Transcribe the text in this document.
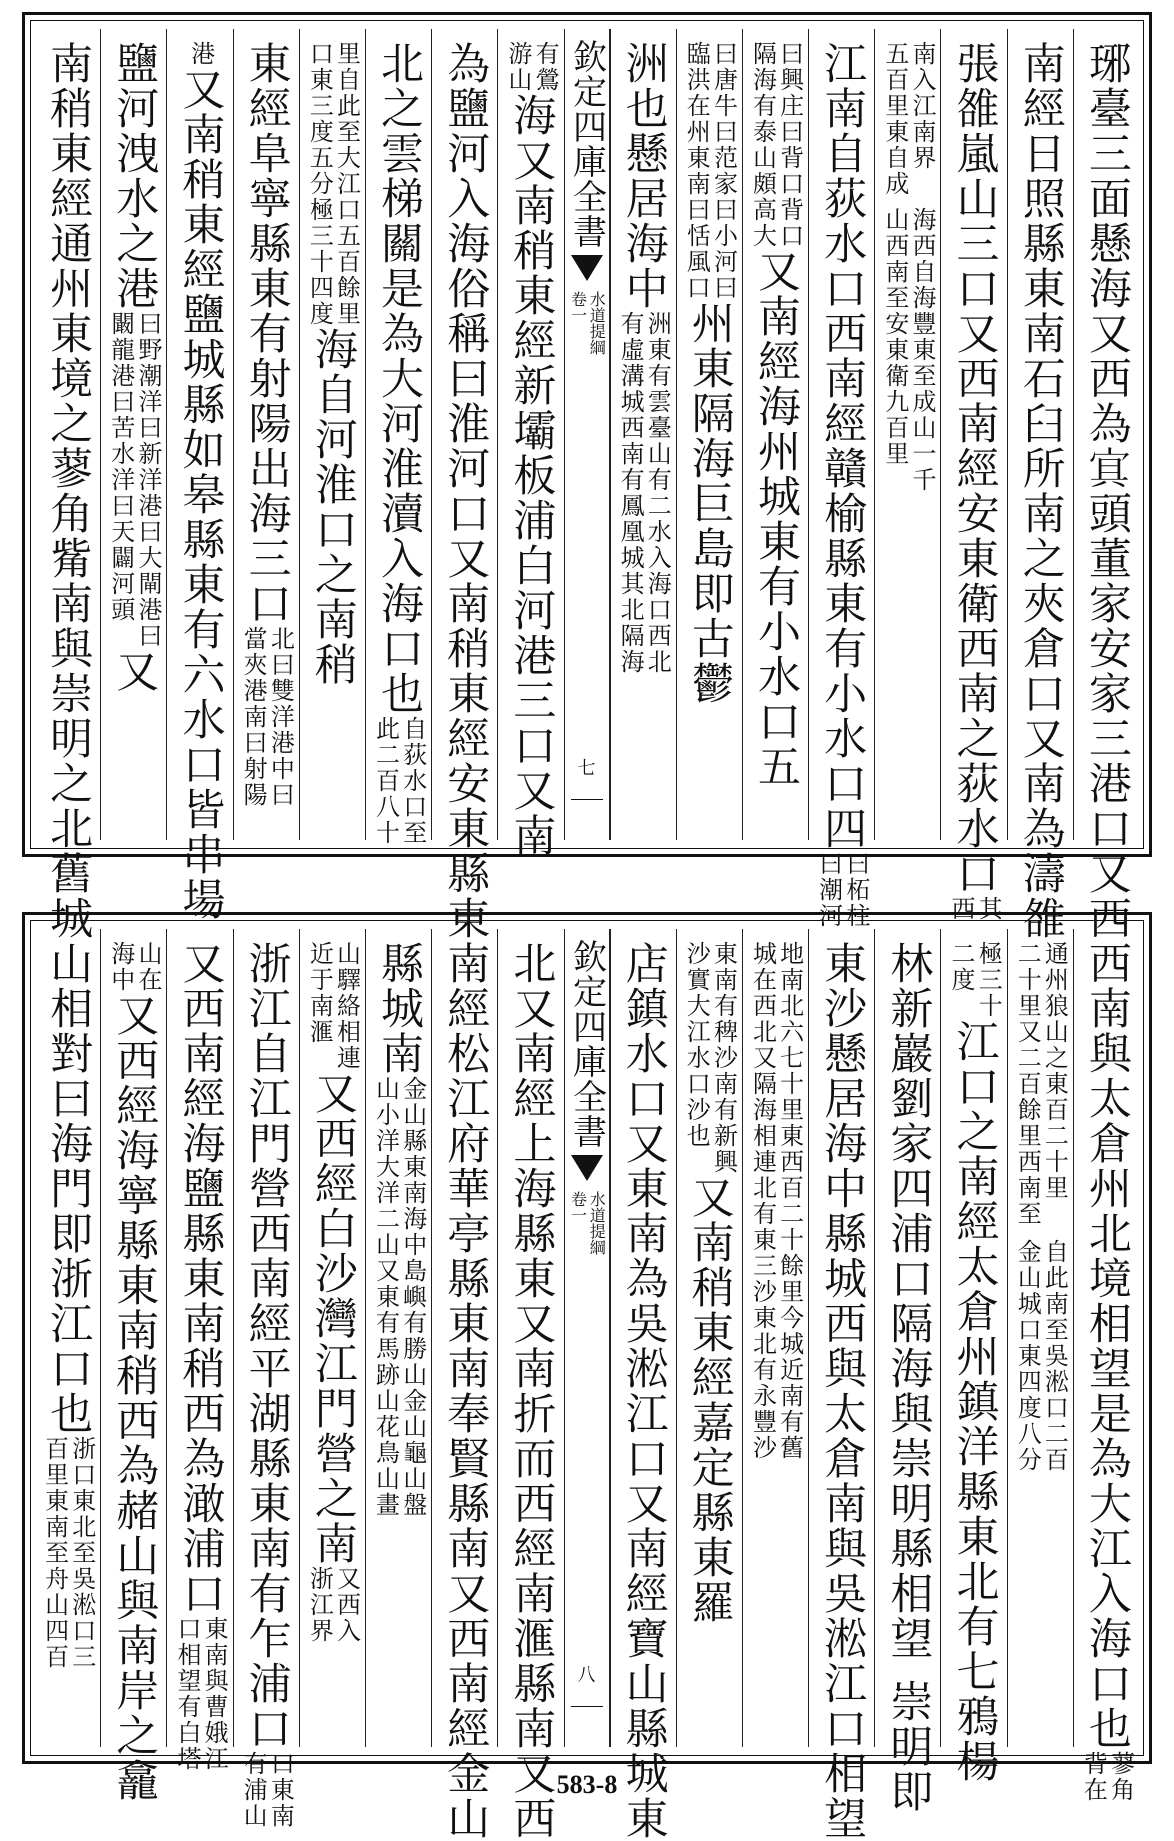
琊臺三面懸海又西為𡨋頭董家安家三港口又西
南經日照縣東南石臼所南之夾倉口又南為濤雒
張雒嵐山三口又西南經安東衛西南之荻水口
其
西
南入江南界
五百里東自成
海西自海豐東至成山一千
山西南至安東衛九百里
江南自荻水口西南經贛榆縣東有小水口四
曰柘柱
曰潮河
曰興庄曰背口背口
隔海有泰山頗高大
又南經海州城東有小水口五
曰唐牛曰范家曰小河曰
臨洪在州東南曰恬風口
州東隔海巨島即古鬱
洲也懸居海中
洲東有雲臺山有二水入海口西北
有虛溝城西南有鳳凰城其北隔海
欽定四庫全書
水道提綱
卷一
七
有鶯
游山
海又南稍東經新壩板浦白河港三口又南
為鹽河入海俗稱曰淮河口又南稍東經安東縣東
北之雲梯關是為大河淮瀆入海口也
自荻水口至
此二百八十
里自此至大江口五百餘里
口東三度五分極三十四度
海自河淮口之南稍
東經阜寧縣東有射陽出海三口
北曰雙洋港中曰
當夾港南曰射陽
港
又南稍東經鹽城縣如皋縣東有六水口皆串場
鹽河洩水之港
曰野潮洋曰新洋港曰大閘港曰
闞龍港曰苦水洋曰天闢河頭
又
南稍東經通州東境之蓼角觜南與崇明之北舊城
西南與太倉州北境相望是為大江入海口也
蓼角
背在
通州狼山之東百二十里
二十里又二百餘里西南至
自此南至吳淞口二百
金山城口東四度八分
極三十
二度
江口之南經太倉州鎮洋縣東北有七鴉楊
林新巖劉家四浦口隔海與崇明縣相望
崇明即
東沙懸居海中縣城西與太倉南與吳淞江口相望
地南北六七十里東西百二十餘里今城近南有舊
城在西北又隔海相連北有東三沙東北有永豐沙
東南有稗沙南有新興
沙實大江水口沙也
又南稍東經嘉定縣東羅
店鎮水口又東南為吳淞江口又南經寶山縣城東
欽定四庫全書
水道提綱
卷一
八
北又南經上海縣東又南折而西經南滙縣南又西
南經松江府華亭縣東南奉賢縣南又西南經金山
縣城南
金山縣東南海中島嶼有勝山金山龜山盤
山小洋大洋二山又東有馬跡山花鳥山畫
山驛絡相連
近于南滙
又西經白沙灣江門營之南
又西入
浙江界
浙江自江門營西南經平湖縣東南有乍浦口
口東南
有浦山
又西南經海鹽縣東南稍西為澉浦口
東南與曹娥江
口相望有白塔
山在
海中
又西經海寧縣東南稍西為赭山與南岸之龕
山相對曰海門即浙江口也
浙口東北至吳淞口三
百里東南至舟山四百
583-8
